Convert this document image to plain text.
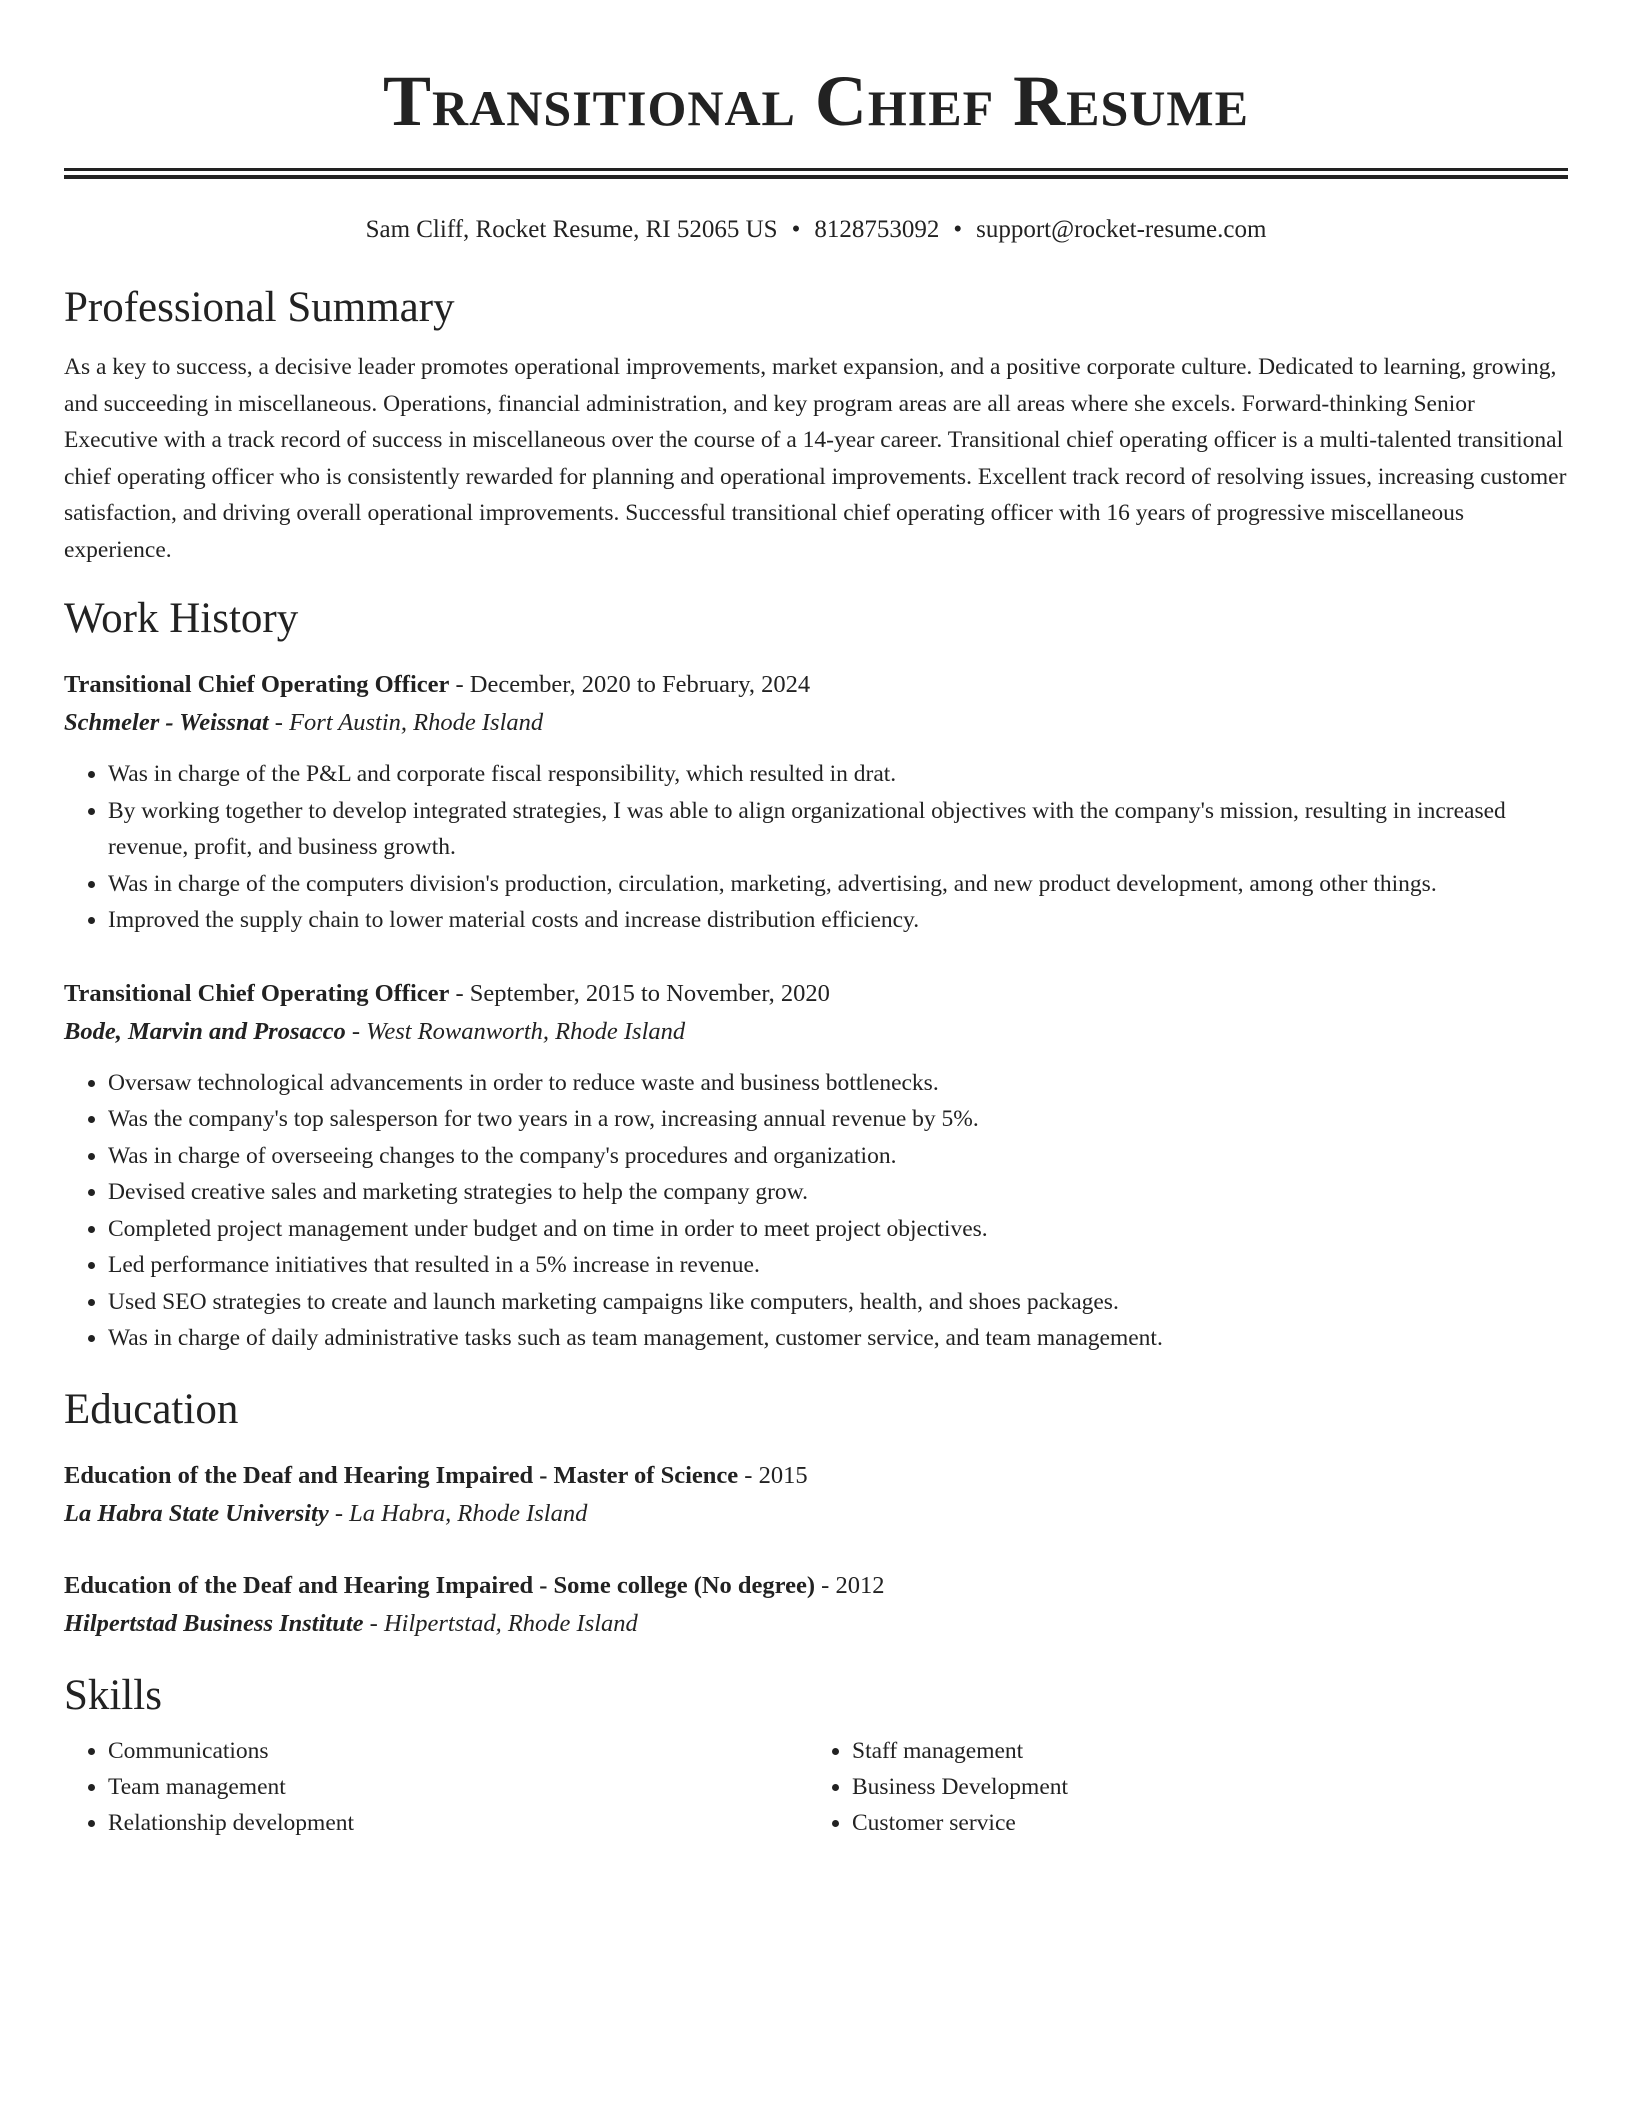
Transitional Chief Resume
Sam Cliff, Rocket Resume, RI 52065 US • 8128753092 • support@rocket-resume.com
Professional Summary

As a key to success, a decisive leader promotes operational improvements, market expansion, and a positive corporate culture. Dedicated to learning, growing, and succeeding in miscellaneous. Operations, financial administration, and key program areas are all areas where she excels. Forward-thinking Senior Executive with a track record of success in miscellaneous over the course of a 14-year career. Transitional chief operating officer is a multi-talented transitional chief operating officer who is consistently rewarded for planning and operational improvements. Excellent track record of resolving issues, increasing customer satisfaction, and driving overall operational improvements. Successful transitional chief operating officer with 16 years of progressive miscellaneous experience.

Work History
Transitional Chief Operating Officer - December, 2020 to February, 2024
Schmeler - Weissnat - Fort Austin, Rhode Island
• Was in charge of the P&L and corporate fiscal responsibility, which resulted in drat.
• By working together to develop integrated strategies, I was able to align organizational objectives with the company's mission, resulting in increased revenue, profit, and business growth.
• Was in charge of the computers division's production, circulation, marketing, advertising, and new product development, among other things.
• Improved the supply chain to lower material costs and increase distribution efficiency.
Transitional Chief Operating Officer - September, 2015 to November, 2020
Bode, Marvin and Prosacco - West Rowanworth, Rhode Island
• Oversaw technological advancements in order to reduce waste and business bottlenecks.
• Was the company's top salesperson for two years in a row, increasing annual revenue by 5%.
• Was in charge of overseeing changes to the company's procedures and organization.
• Devised creative sales and marketing strategies to help the company grow.
• Completed project management under budget and on time in order to meet project objectives.
• Led performance initiatives that resulted in a 5% increase in revenue.
• Used SEO strategies to create and launch marketing campaigns like computers, health, and shoes packages.
• Was in charge of daily administrative tasks such as team management, customer service, and team management.
Education
Education of the Deaf and Hearing Impaired - Master of Science - 2015
La Habra State University - La Habra, Rhode Island
Education of the Deaf and Hearing Impaired - Some college (No degree) - 2012
Hilpertstad Business Institute - Hilpertstad, Rhode Island
Skills
• Communications
• Team management
• Relationship development
• Staff management
• Business Development
• Customer service
